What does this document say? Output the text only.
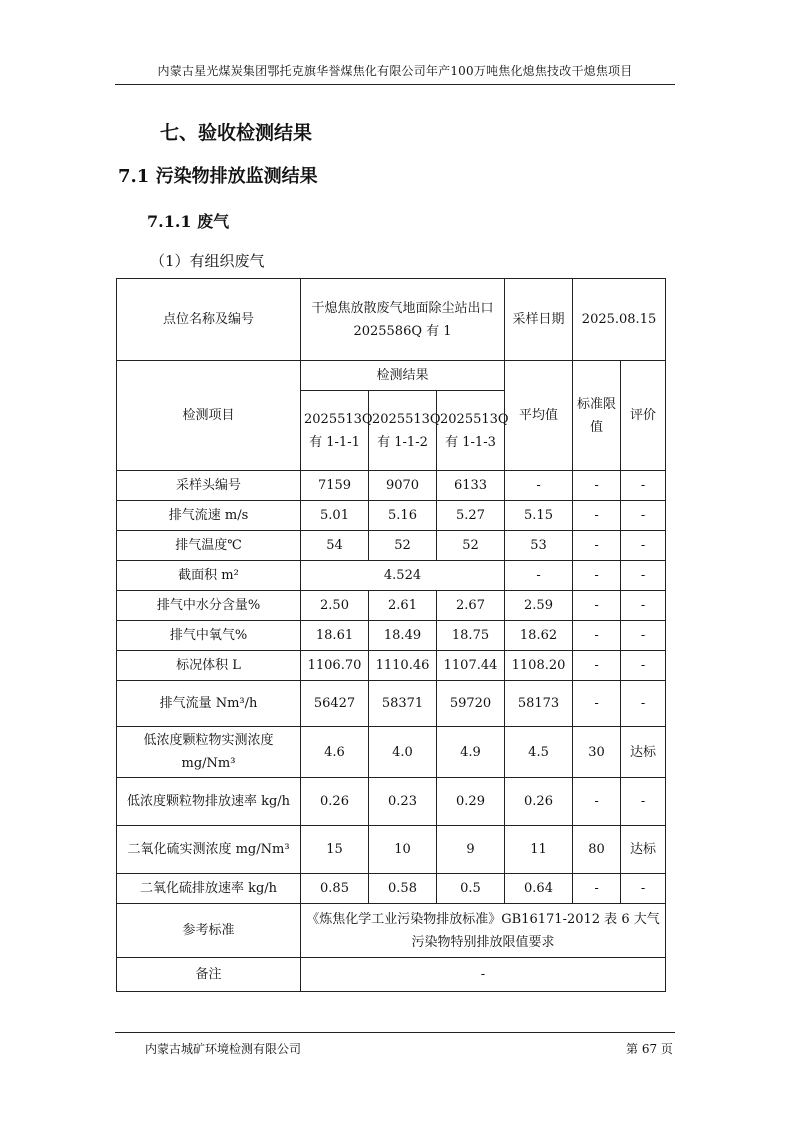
内蒙古星光煤炭集团鄂托克旗华誉煤焦化有限公司年产100万吨焦化熄焦技改干熄焦项目
七、验收检测结果
7.1 污染物排放监测结果
7.1.1 废气
（1）有组织废气
点位名称及编号	干熄焦放散废气地面除尘站出口
2025586Q 有 1			采样日期	2025.08.15	
检测项目	检测结果			平均值	标准限值	评价
	2025513Q 有 1-1-1	2025513Q 有 1-1-2	2025513Q 有 1-1-3			
采样头编号	7159	9070	6133	-	-	-
排气流速 m/s	5.01	5.16	5.27	5.15	-	-
排气温度℃	54	52	52	53	-	-
截面积 m²	4.524			-	-	-
排气中水分含量%	2.50	2.61	2.67	2.59	-	-
排气中氧气%	18.61	18.49	18.75	18.62	-	-
标况体积 L	1106.70	1110.46	1107.44	1108.20	-	-
排气流量 Nm³/h	56427	58371	59720	58173	-	-
低浓度颗粒物实测浓度 mg/Nm³	4.6	4.0	4.9	4.5	30	达标
低浓度颗粒物排放速率 kg/h	0.26	0.23	0.29	0.26	-	-
二氧化硫实测浓度 mg/Nm³	15	10	9	11	80	达标
二氧化硫排放速率 kg/h	0.85	0.58	0.5	0.64	-	-
参考标准	《炼焦化学工业污染物排放标准》GB16171-2012 表 6 大气污染物特别排放限值要求					
备注	-					
内蒙古城矿环境检测有限公司	第 67 页
